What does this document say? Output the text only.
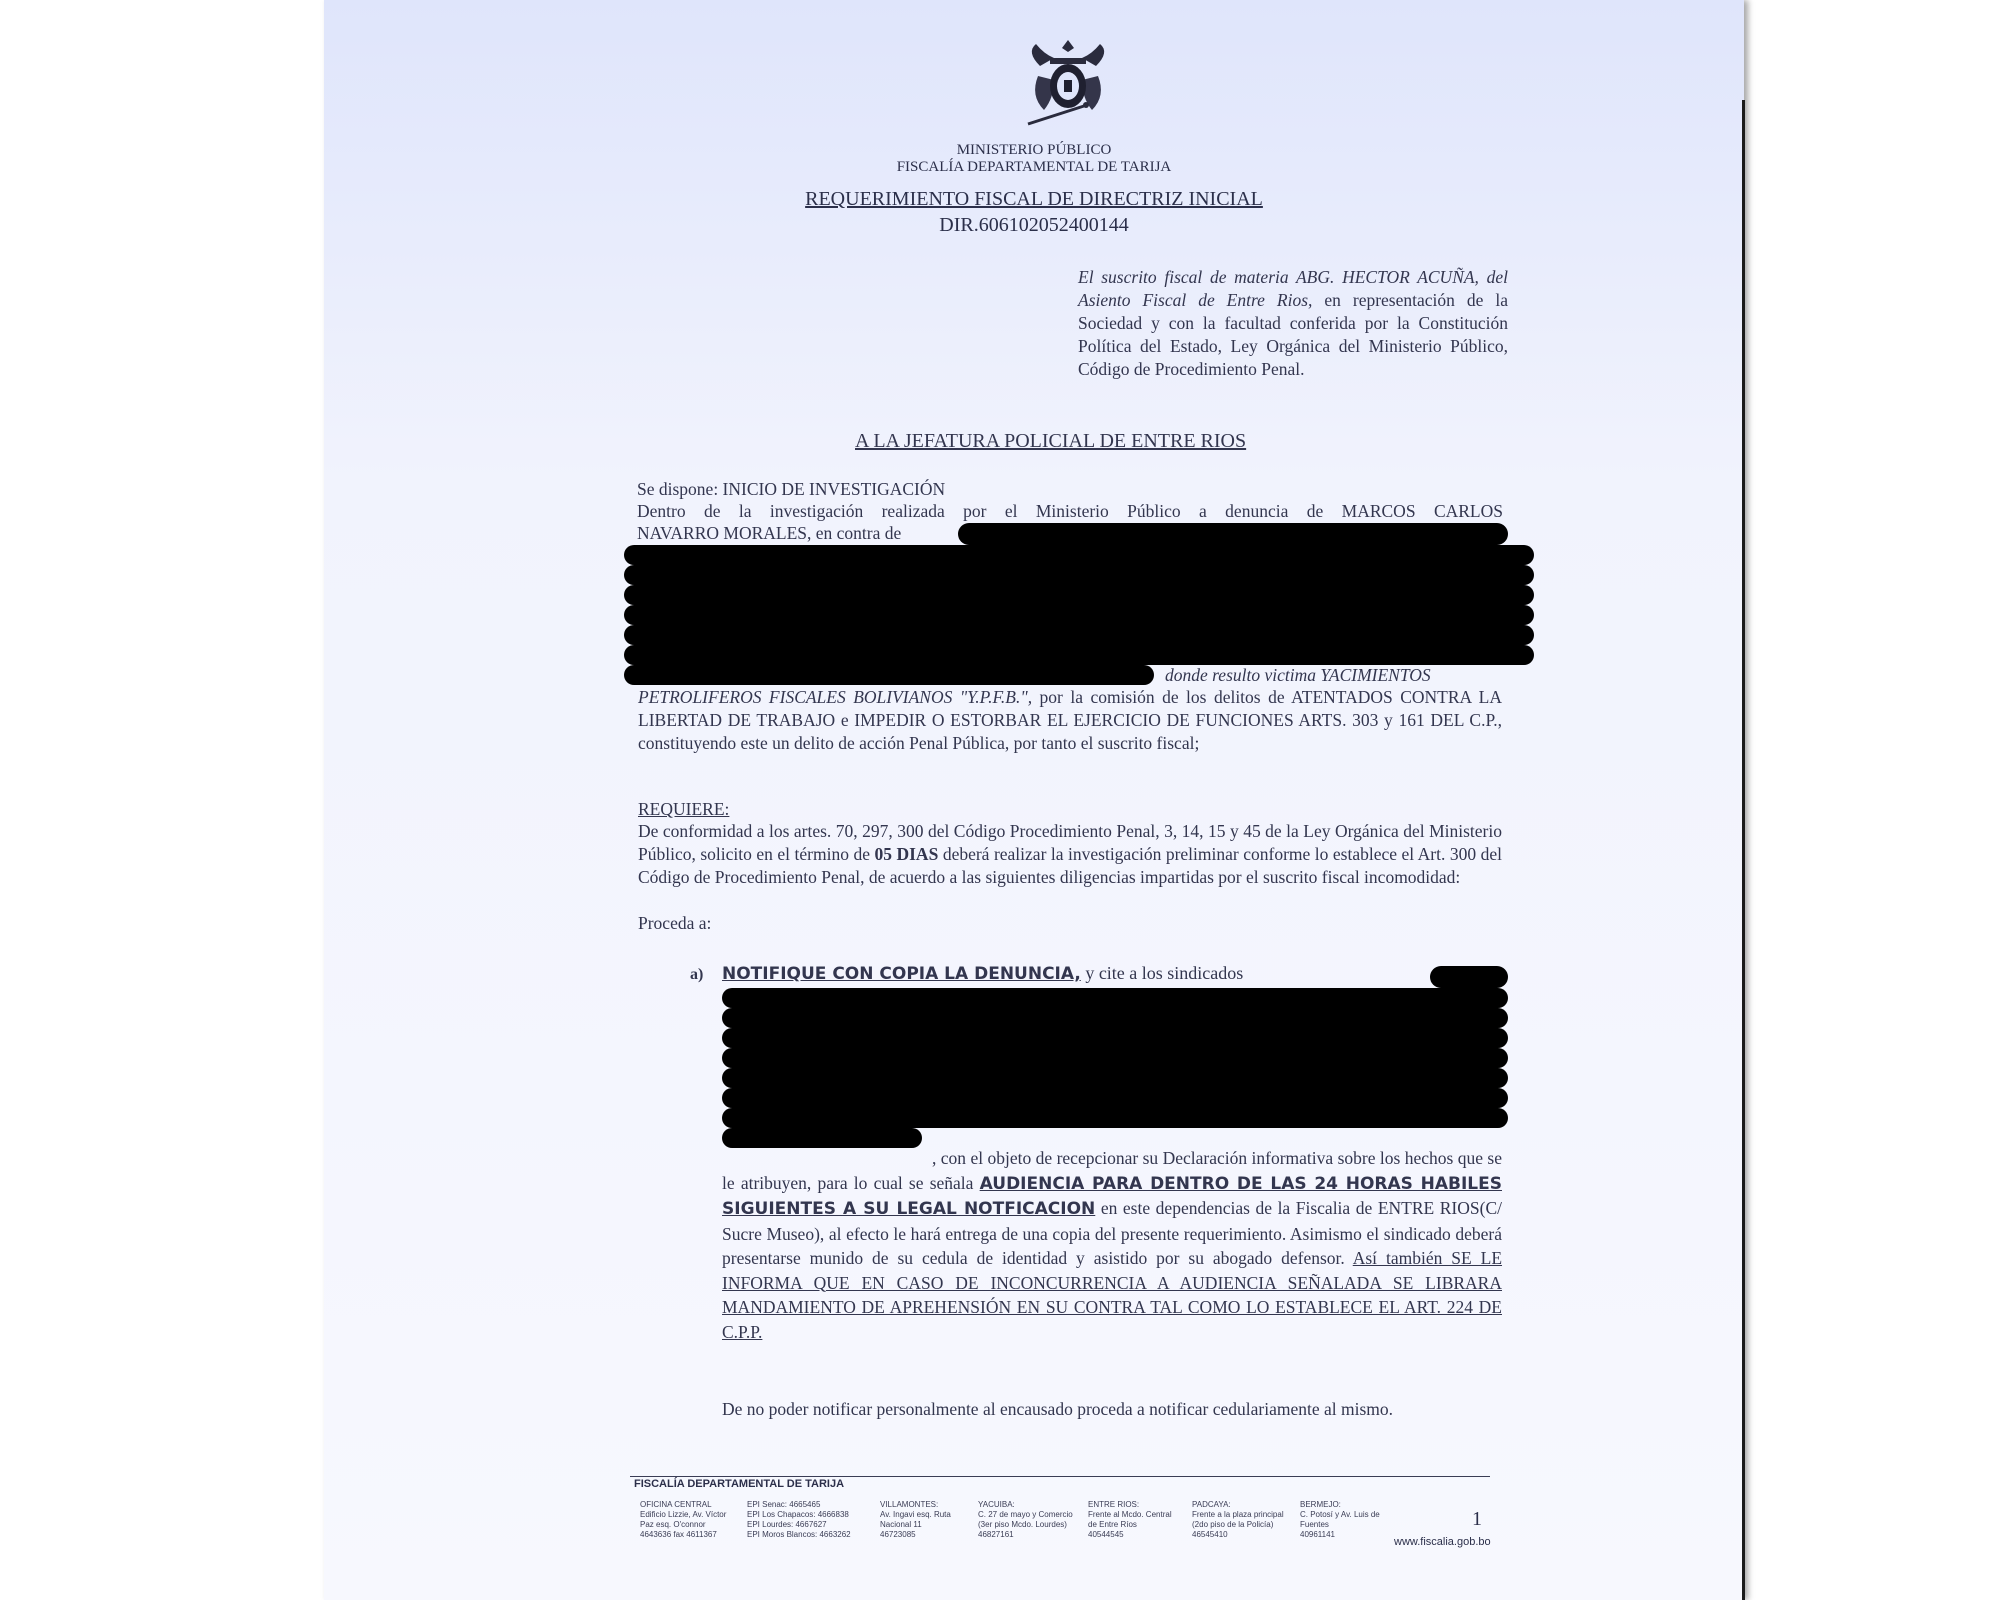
MINISTERIO PÚBLICO
FISCALÍA DEPARTAMENTAL DE TARIJA
REQUERIMIENTO FISCAL DE DIRECTRIZ INICIAL
DIR.606102052400144
El suscrito fiscal de materia ABG. HECTOR ACUÑA, del Asiento Fiscal de Entre Rios, en representación de la Sociedad y con la facultad conferida por la Constitución Política del Estado, Ley Orgánica del Ministerio Público, Código de Procedimiento Penal.
A LA JEFATURA POLICIAL DE ENTRE RIOS
Se dispone: INICIO DE INVESTIGACIÓN
Dentro de la investigación realizada por el Ministerio Público a denuncia de MARCOS CARLOS
NAVARRO MORALES, en contra de
donde resulto victima YACIMIENTOS
PETROLIFEROS FISCALES BOLIVIANOS "Y.P.F.B.", por la comisión de los delitos de ATENTADOS CONTRA LA LIBERTAD DE TRABAJO e IMPEDIR O ESTORBAR EL EJERCICIO DE FUNCIONES ARTS. 303 y 161 DEL C.P., constituyendo este un delito de acción Penal Pública, por tanto el suscrito fiscal;
REQUIERE:
De conformidad a los artes. 70, 297, 300 del Código Procedimiento Penal, 3, 14, 15 y 45 de la Ley Orgánica del Ministerio Público, solicito en el término de 05 DIAS deberá realizar la investigación preliminar conforme lo establece el Art. 300 del Código de Procedimiento Penal, de acuerdo a las siguientes diligencias impartidas por el suscrito fiscal incomodidad:
Proceda a:
a) NOTIFIQUE CON COPIA LA DENUNCIA, y cite a los sindicados
, con el objeto de recepcionar su Declaración informativa sobre los hechos que se le atribuyen, para lo cual se señala AUDIENCIA PARA DENTRO DE LAS 24 HORAS HABILES SIGUIENTES A SU LEGAL NOTFICACION en este dependencias de la Fiscalia de ENTRE RIOS(C/ Sucre Museo), al efecto le hará entrega de una copia del presente requerimiento. Asimismo el sindicado deberá presentarse munido de su cedula de identidad y asistido por su abogado defensor. Así también SE LE INFORMA QUE EN CASO DE INCONCURRENCIA A AUDIENCIA SEÑALADA SE LIBRARA MANDAMIENTO DE APREHENSIÓN EN SU CONTRA TAL COMO LO ESTABLECE EL ART. 224 DE C.P.P.
De no poder notificar personalmente al encausado proceda a notificar cedulariamente al mismo.
FISCALÍA DEPARTAMENTAL DE TARIJA
OFICINA CENTRAL
Edificio Lizzie, Av. Víctor
Paz esq. O'connor
4643636 fax 4611367
EPI Senac: 4665465
EPI Los Chapacos: 4666838
EPI Lourdes: 4667627
EPI Moros Blancos: 4663262
VILLAMONTES:
Av. Ingavi esq. Ruta
Nacional 11
46723085
YACUIBA:
C. 27 de mayo y Comercio
(3er piso Mcdo. Lourdes)
46827161
ENTRE RIOS:
Frente al Mcdo. Central
de Entre Ríos
40544545
PADCAYA:
Frente a la plaza principal
(2do piso de la Policía)
46545410
BERMEJO:
C. Potosí y Av. Luis de
Fuentes
40961141
1
www.fiscalia.gob.bo
